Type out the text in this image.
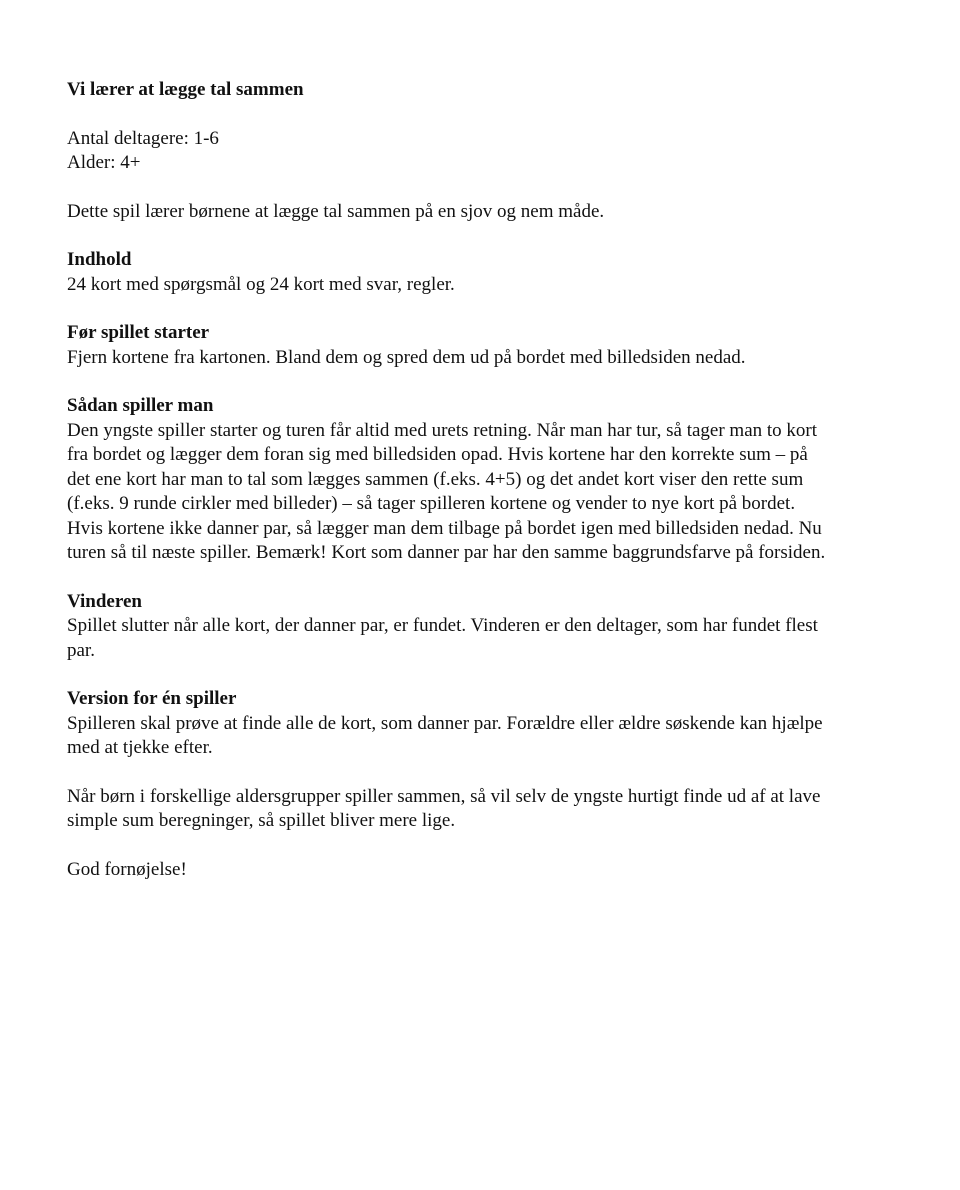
Vi lærer at lægge tal sammen
Antal deltagere: 1-6
Alder: 4+
Dette spil lærer børnene at lægge tal sammen på en sjov og nem måde.
Indhold
24 kort med spørgsmål og 24 kort med svar, regler.
Før spillet starter
Fjern kortene fra kartonen. Bland dem og spred dem ud på bordet med billedsiden nedad.
Sådan spiller man
Den yngste spiller starter og turen får altid med urets retning. Når man har tur, så tager man to kort
fra bordet og lægger dem foran sig med billedsiden opad. Hvis kortene har den korrekte sum – på
det ene kort har man to tal som lægges sammen (f.eks. 4+5) og det andet kort viser den rette sum
(f.eks. 9 runde cirkler med billeder) – så tager spilleren kortene og vender to nye kort på bordet.
Hvis kortene ikke danner par, så lægger man dem tilbage på bordet igen med billedsiden nedad. Nu
turen så til næste spiller. Bemærk! Kort som danner par har den samme baggrundsfarve på forsiden.
Vinderen
Spillet slutter når alle kort, der danner par, er fundet. Vinderen er den deltager, som har fundet flest
par.
Version for én spiller
Spilleren skal prøve at finde alle de kort, som danner par. Forældre eller ældre søskende kan hjælpe
med at tjekke efter.
Når børn i forskellige aldersgrupper spiller sammen, så vil selv de yngste hurtigt finde ud af at lave
simple sum beregninger, så spillet bliver mere lige.
God fornøjelse!
